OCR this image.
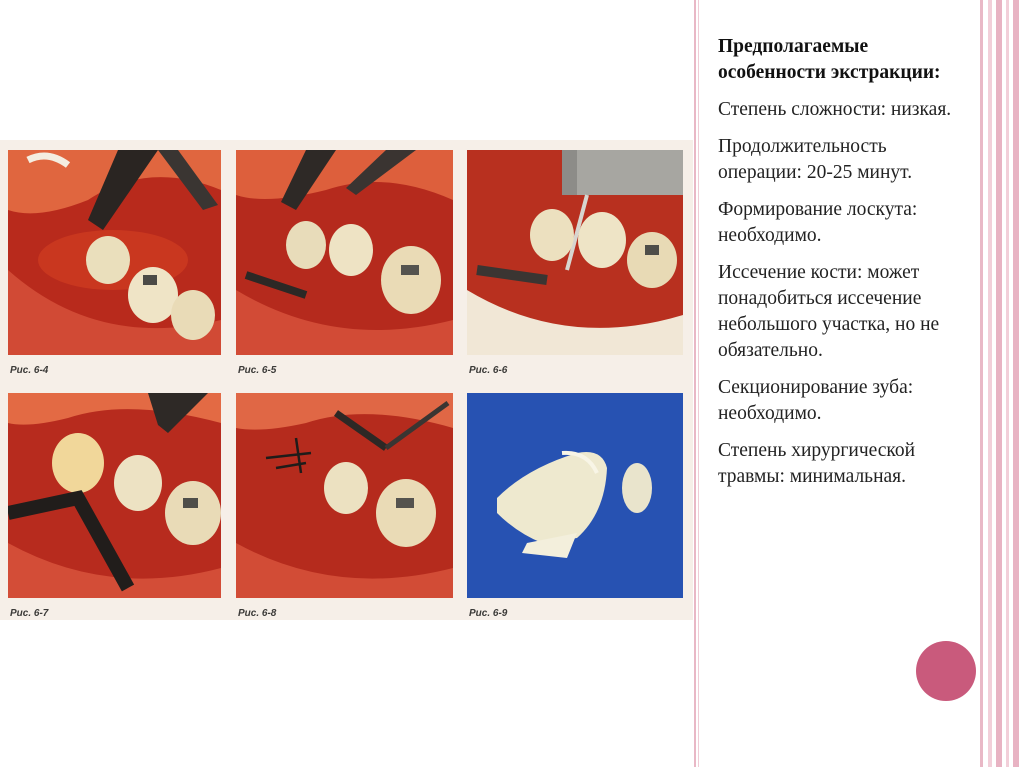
Рис. 6-4	Рис. 6-5	Рис. 6-6
Рис. 6-7	Рис. 6-8	Рис. 6-9
Предполагаемые особенности экстракции:

Степень сложности: низкая.

Продолжительность операции: 20-25 минут.

Формирование лоскута: необходимо.

Иссечение кости: может понадобиться иссечение небольшого участка, но не обязательно.

Секционирование зуба: необходимо.

Степень хирургической травмы: минимальная.
